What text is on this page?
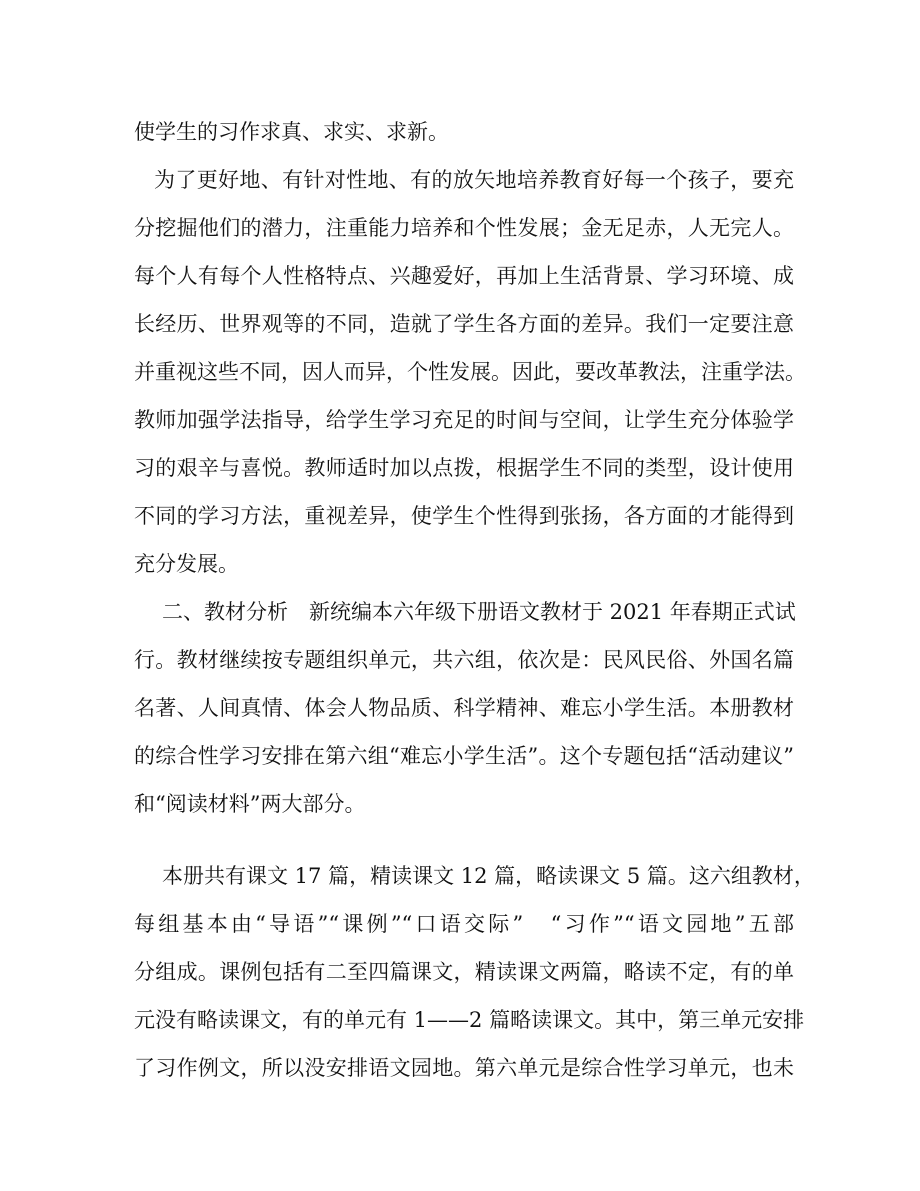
使学生的习作求真、求实、求新。
为了更好地、有针对性地、有的放矢地培养教育好每一个孩子，要充
分挖掘他们的潜力，注重能力培养和个性发展；金无足赤，人无完人。
每个人有每个人性格特点、兴趣爱好，再加上生活背景、学习环境、成
长经历、世界观等的不同，造就了学生各方面的差异。我们一定要注意
并重视这些不同，因人而异，个性发展。因此，要改革教法，注重学法。
教师加强学法指导，给学生学习充足的时间与空间，让学生充分体验学
习的艰辛与喜悦。教师适时加以点拨，根据学生不同的类型，设计使用
不同的学习方法，重视差异，使学生个性得到张扬，各方面的才能得到
充分发展。
二、教材分析　新统编本六年级下册语文教材于 2021 年春期正式试
行。教材继续按专题组织单元，共六组，依次是：民风民俗、外国名篇
名著、人间真情、体会人物品质、科学精神、难忘小学生活。本册教材
的综合性学习安排在第六组“难忘小学生活”。这个专题包括“活动建议”
和“阅读材料”两大部分。
本册共有课文 17 篇，精读课文 12 篇，略读课文 5 篇。这六组教材，
每组基本由“导语”“课例”“口语交际”　“习作”“语文园地”五部
分组成。课例包括有二至四篇课文，精读课文两篇，略读不定，有的单
元没有略读课文，有的单元有 1——2 篇略读课文。其中，第三单元安排
了习作例文，所以没安排语文园地。第六单元是综合性学习单元，也未
